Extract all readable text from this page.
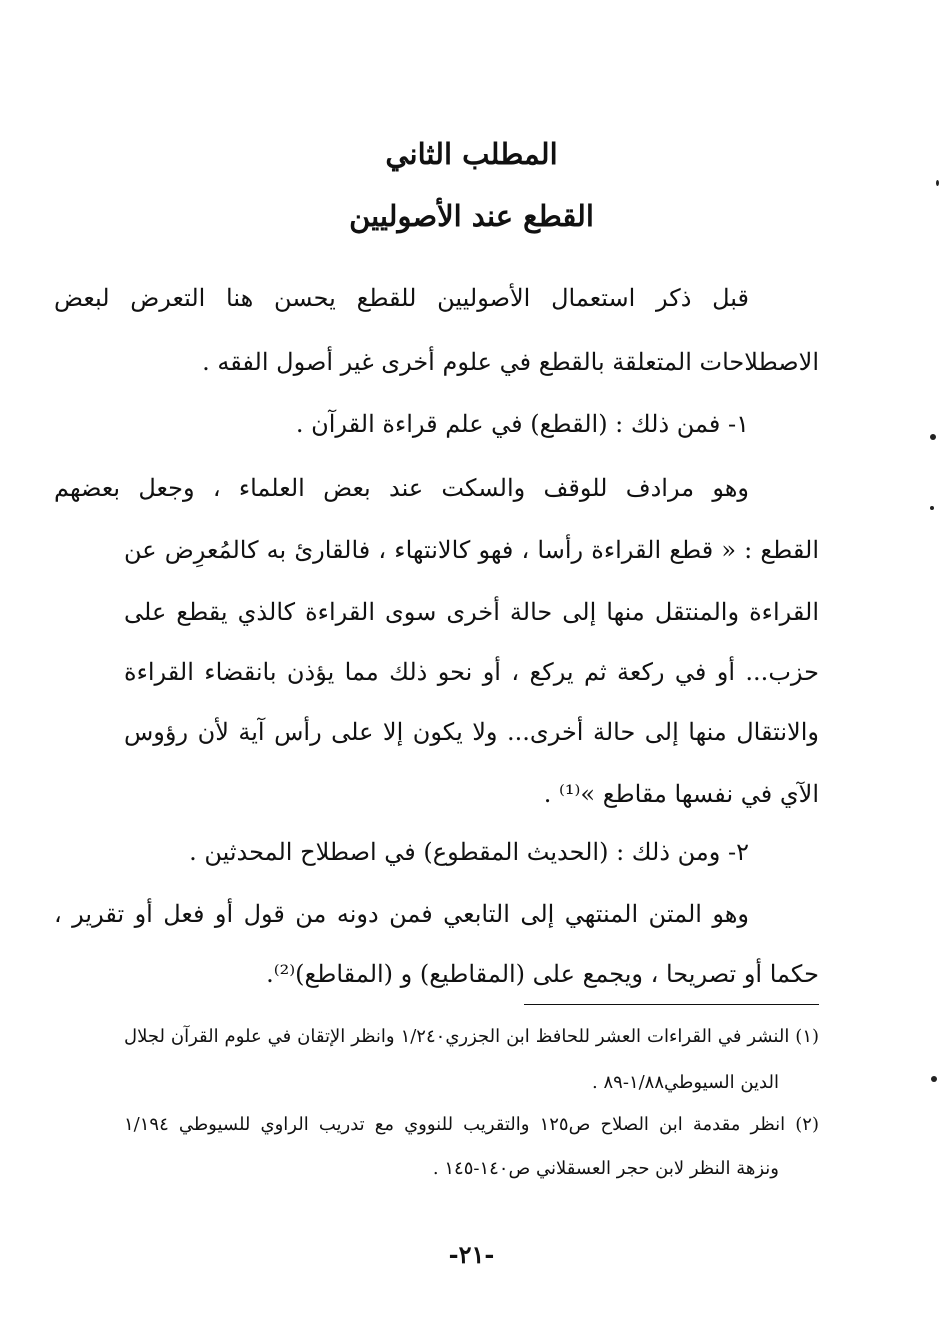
المطلب الثاني
القطع عند الأصوليين
قبل ذكر استعمال الأصوليين للقطع يحسن هنا التعرض لبعض
الاصطلاحات المتعلقة بالقطع في علوم أخرى غير أصول الفقه .
١- فمن ذلك : (القطع) في علم قراءة القرآن .
وهو مرادف للوقف والسكت عند بعض العلماء ، وجعل بعضهم
القطع : « قطع القراءة رأسا ، فهو كالانتهاء ، فالقارئ به كالمُعرِض عن
القراءة والمنتقل منها إلى حالة أخرى سوى القراءة كالذي يقطع على
حزب... أو في ركعة ثم يركع ، أو نحو ذلك مما يؤذن بانقضاء القراءة
والانتقال منها إلى حالة أخرى... ولا يكون إلا على رأس آية لأن رؤوس
الآي في نفسها مقاطع »⁽¹⁾ .
٢- ومن ذلك : (الحديث المقطوع) في اصطلاح المحدثين .
وهو المتن المنتهي إلى التابعي فمن دونه من قول أو فعل أو تقرير ،
حكما أو تصريحا ، ويجمع على (المقاطيع) و (المقاطع)⁽²⁾.
(١) النشر في القراءات العشر للحافظ ابن الجزري١/٢٤٠ وانظر الإتقان في علوم القرآن لجلال
الدين السيوطي١/٨٨-٨٩ .
(٢) انظر مقدمة ابن الصلاح ص١٢٥ والتقريب للنووي مع تدريب الراوي للسيوطي ١/١٩٤
ونزهة النظر لابن حجر العسقلاني ص١٤٠-١٤٥ .
-٢١-
